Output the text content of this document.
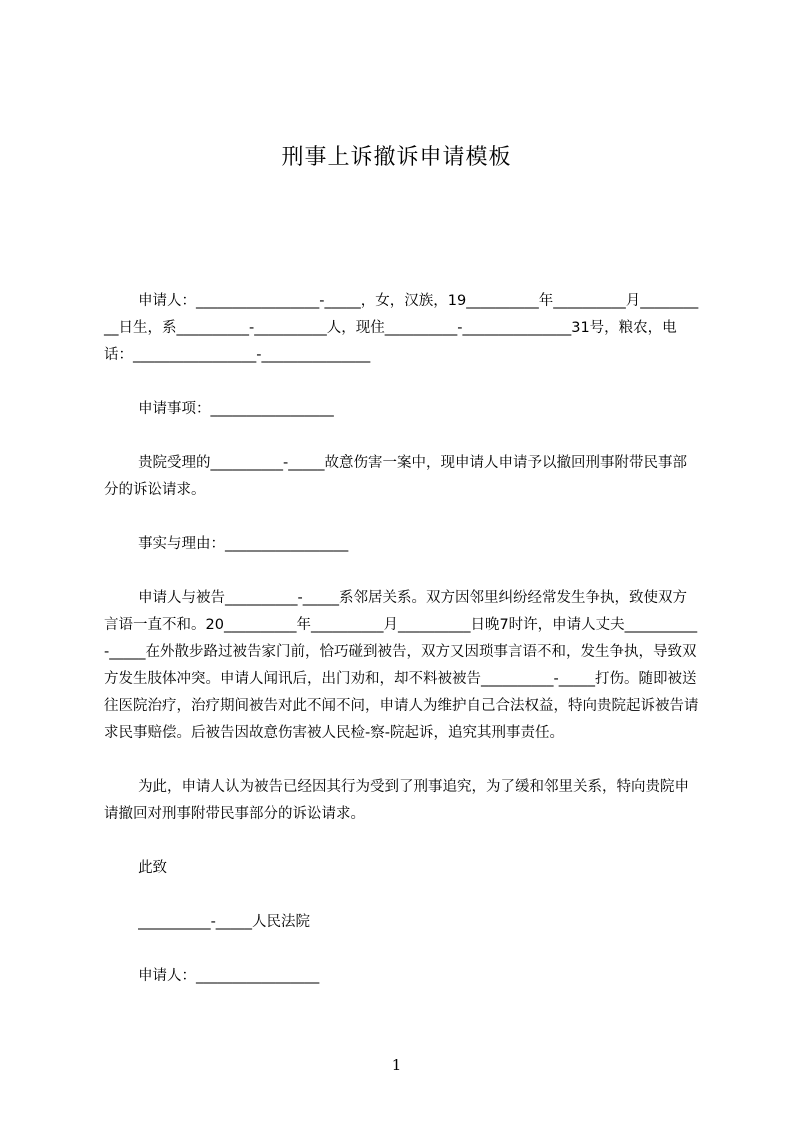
刑事上诉撤诉申请模板

申请人：_________________-_____，女，汉族，19__________年__________月__________日生，系__________-__________人，现住__________-_______________31号，粮农，电话：_________________-_______________

申请事项：_________________

贵院受理的__________-_____故意伤害一案中，现申请人申请予以撤回刑事附带民事部分的诉讼请求。

事实与理由：_________________

申请人与被告__________-_____系邻居关系。双方因邻里纠纷经常发生争执，致使双方言语一直不和。20__________年__________月__________日晚7时许，申请人丈夫__________-_____在外散步路过被告家门前，恰巧碰到被告，双方又因琐事言语不和，发生争执，导致双方发生肢体冲突。申请人闻讯后，出门劝和，却不料被被告__________-_____打伤。随即被送往医院治疗，治疗期间被告对此不闻不问，申请人为维护自己合法权益，特向贵院起诉被告请求民事赔偿。后被告因故意伤害被人民检-察-院起诉，追究其刑事责任。

为此，申请人认为被告已经因其行为受到了刑事追究，为了缓和邻里关系，特向贵院申请撤回对刑事附带民事部分的诉讼请求。

此致

__________-_____人民法院

申请人：_________________

1
